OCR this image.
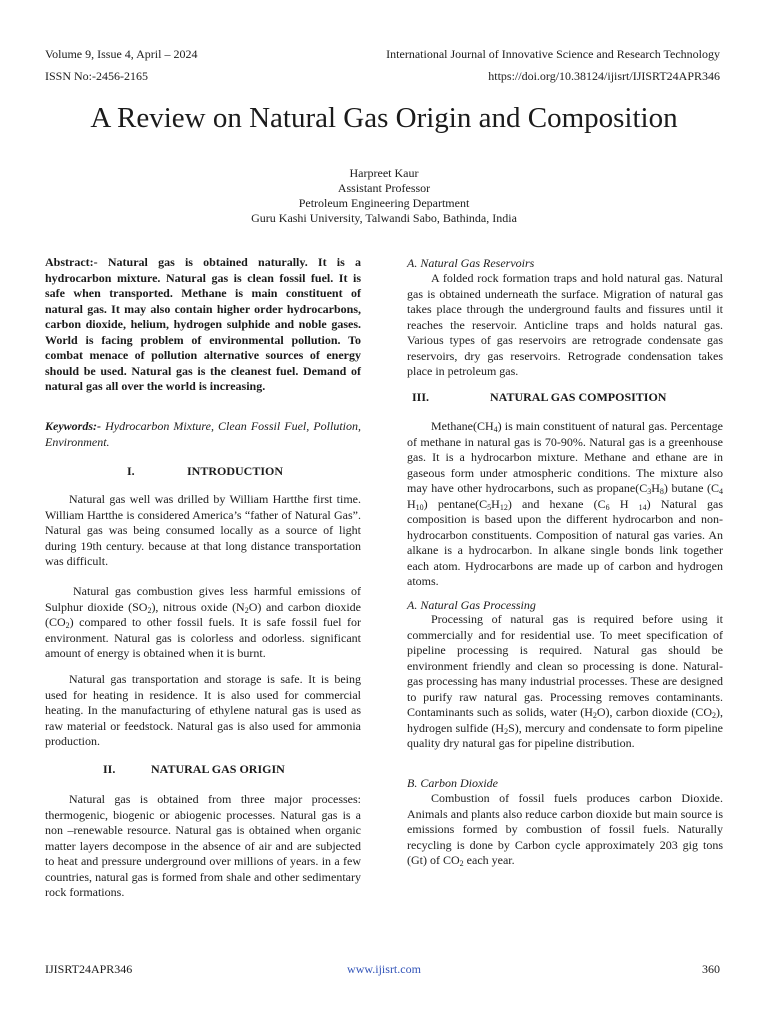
Volume 9, Issue 4, April – 2024
ISSN No:-2456-2165
International Journal of Innovative Science and Research Technology
https://doi.org/10.38124/ijisrt/IJISRT24APR346
A Review on Natural Gas Origin and Composition
Harpreet Kaur
Assistant Professor
Petroleum Engineering Department
Guru Kashi University, Talwandi Sabo, Bathinda, India
Abstract:- Natural gas is obtained naturally. It is a hydrocarbon mixture. Natural gas is clean fossil fuel. It is safe when transported. Methane is main constituent of natural gas. It may also contain higher order hydrocarbons, carbon dioxide, helium, hydrogen sulphide and noble gases. World is facing problem of environmental pollution. To combat menace of pollution alternative sources of energy should be used. Natural gas is the cleanest fuel. Demand of natural gas all over the world is increasing.
Keywords:- Hydrocarbon Mixture, Clean Fossil Fuel, Pollution, Environment.
I.	INTRODUCTION

Natural gas well was drilled by William Hartthe first time. William Hartthe is considered America’s “father of Natural Gas”. Natural gas was being consumed locally as a source of light during 19th century. because at that long distance transportation was difficult.

Natural gas combustion gives less harmful emissions of Sulphur dioxide $(SO_2)$, nitrous oxide $(N_2O)$ and carbon dioxide $(CO_2)$ compared to other fossil fuels. It is safe fossil fuel for environment. Natural gas is colorless and odorless. significant amount of energy is obtained when it is burnt.

Natural gas transportation and storage is safe. It is being used for heating in residence. It is also used for commercial heating. In the manufacturing of ethylene natural gas is used as raw material or feedstock. Natural gas is also used for ammonia production.

II.	NATURAL GAS ORIGIN

Natural gas is obtained from three major processes: thermogenic, biogenic or abiogenic processes. Natural gas is a non –renewable resource. Natural gas is obtained when organic matter layers decompose in the absence of air and are subjected to heat and pressure underground over millions of years. in a few countries, natural gas is formed from shale and other sedimentary rock formations.

A. Natural Gas Reservoirs

A folded rock formation traps and hold natural gas. Natural gas is obtained underneath the surface. Migration of natural gas takes place through the underground faults and fissures until it reaches the reservoir. Anticline traps and holds natural gas. Various types of gas reservoirs are retrograde condensate gas reservoirs, dry gas reservoirs. Retrograde condensation takes place in petroleum gas.

III.	NATURAL GAS COMPOSITION

$Methane(CH_4)$ is main constituent of natural gas. Percentage of methane in natural gas is 70-90%. Natural gas is a greenhouse gas. It is a hydrocarbon mixture. Methane and ethane are in gaseous form under atmospheric conditions. The mixture also may have other hydrocarbons, such as $propane(C_3H_8)$ butane ($C_4$ $H_{10}$) $pentane(C_5H_{12})$ and hexane ($C_6$ H $_{14}$) Natural gas composition is based upon the different hydrocarbon and non-hydrocarbon constituents. Composition of natural gas varies. An alkane is a hydrocarbon. In alkane single bonds link together each atom. Hydrocarbons are made up of carbon and hydrogen atoms.

A. Natural Gas Processing

Processing of natural gas is required before using it commercially and for residential use. To meet specification of pipeline processing is required. Natural gas should be environment friendly and clean so processing is done. Natural-gas processing has many industrial processes. These are designed to purify raw natural gas. Processing removes contaminants. Contaminants such as solids, water $(H_2O)$, carbon dioxide $(CO_2)$, hydrogen sulfide $(H_2S)$, mercury and condensate to form pipeline quality dry natural gas for pipeline distribution.

B. Carbon Dioxide

Combustion of fossil fuels produces carbon Dioxide. Animals and plants also reduce carbon dioxide but main source is emissions formed by combustion of fossil fuels. Naturally recycling is done by Carbon cycle approximately 203 gig tons (Gt) of $CO_2$ each year.

IJISRT24APR346	www.ijisrt.com	360
